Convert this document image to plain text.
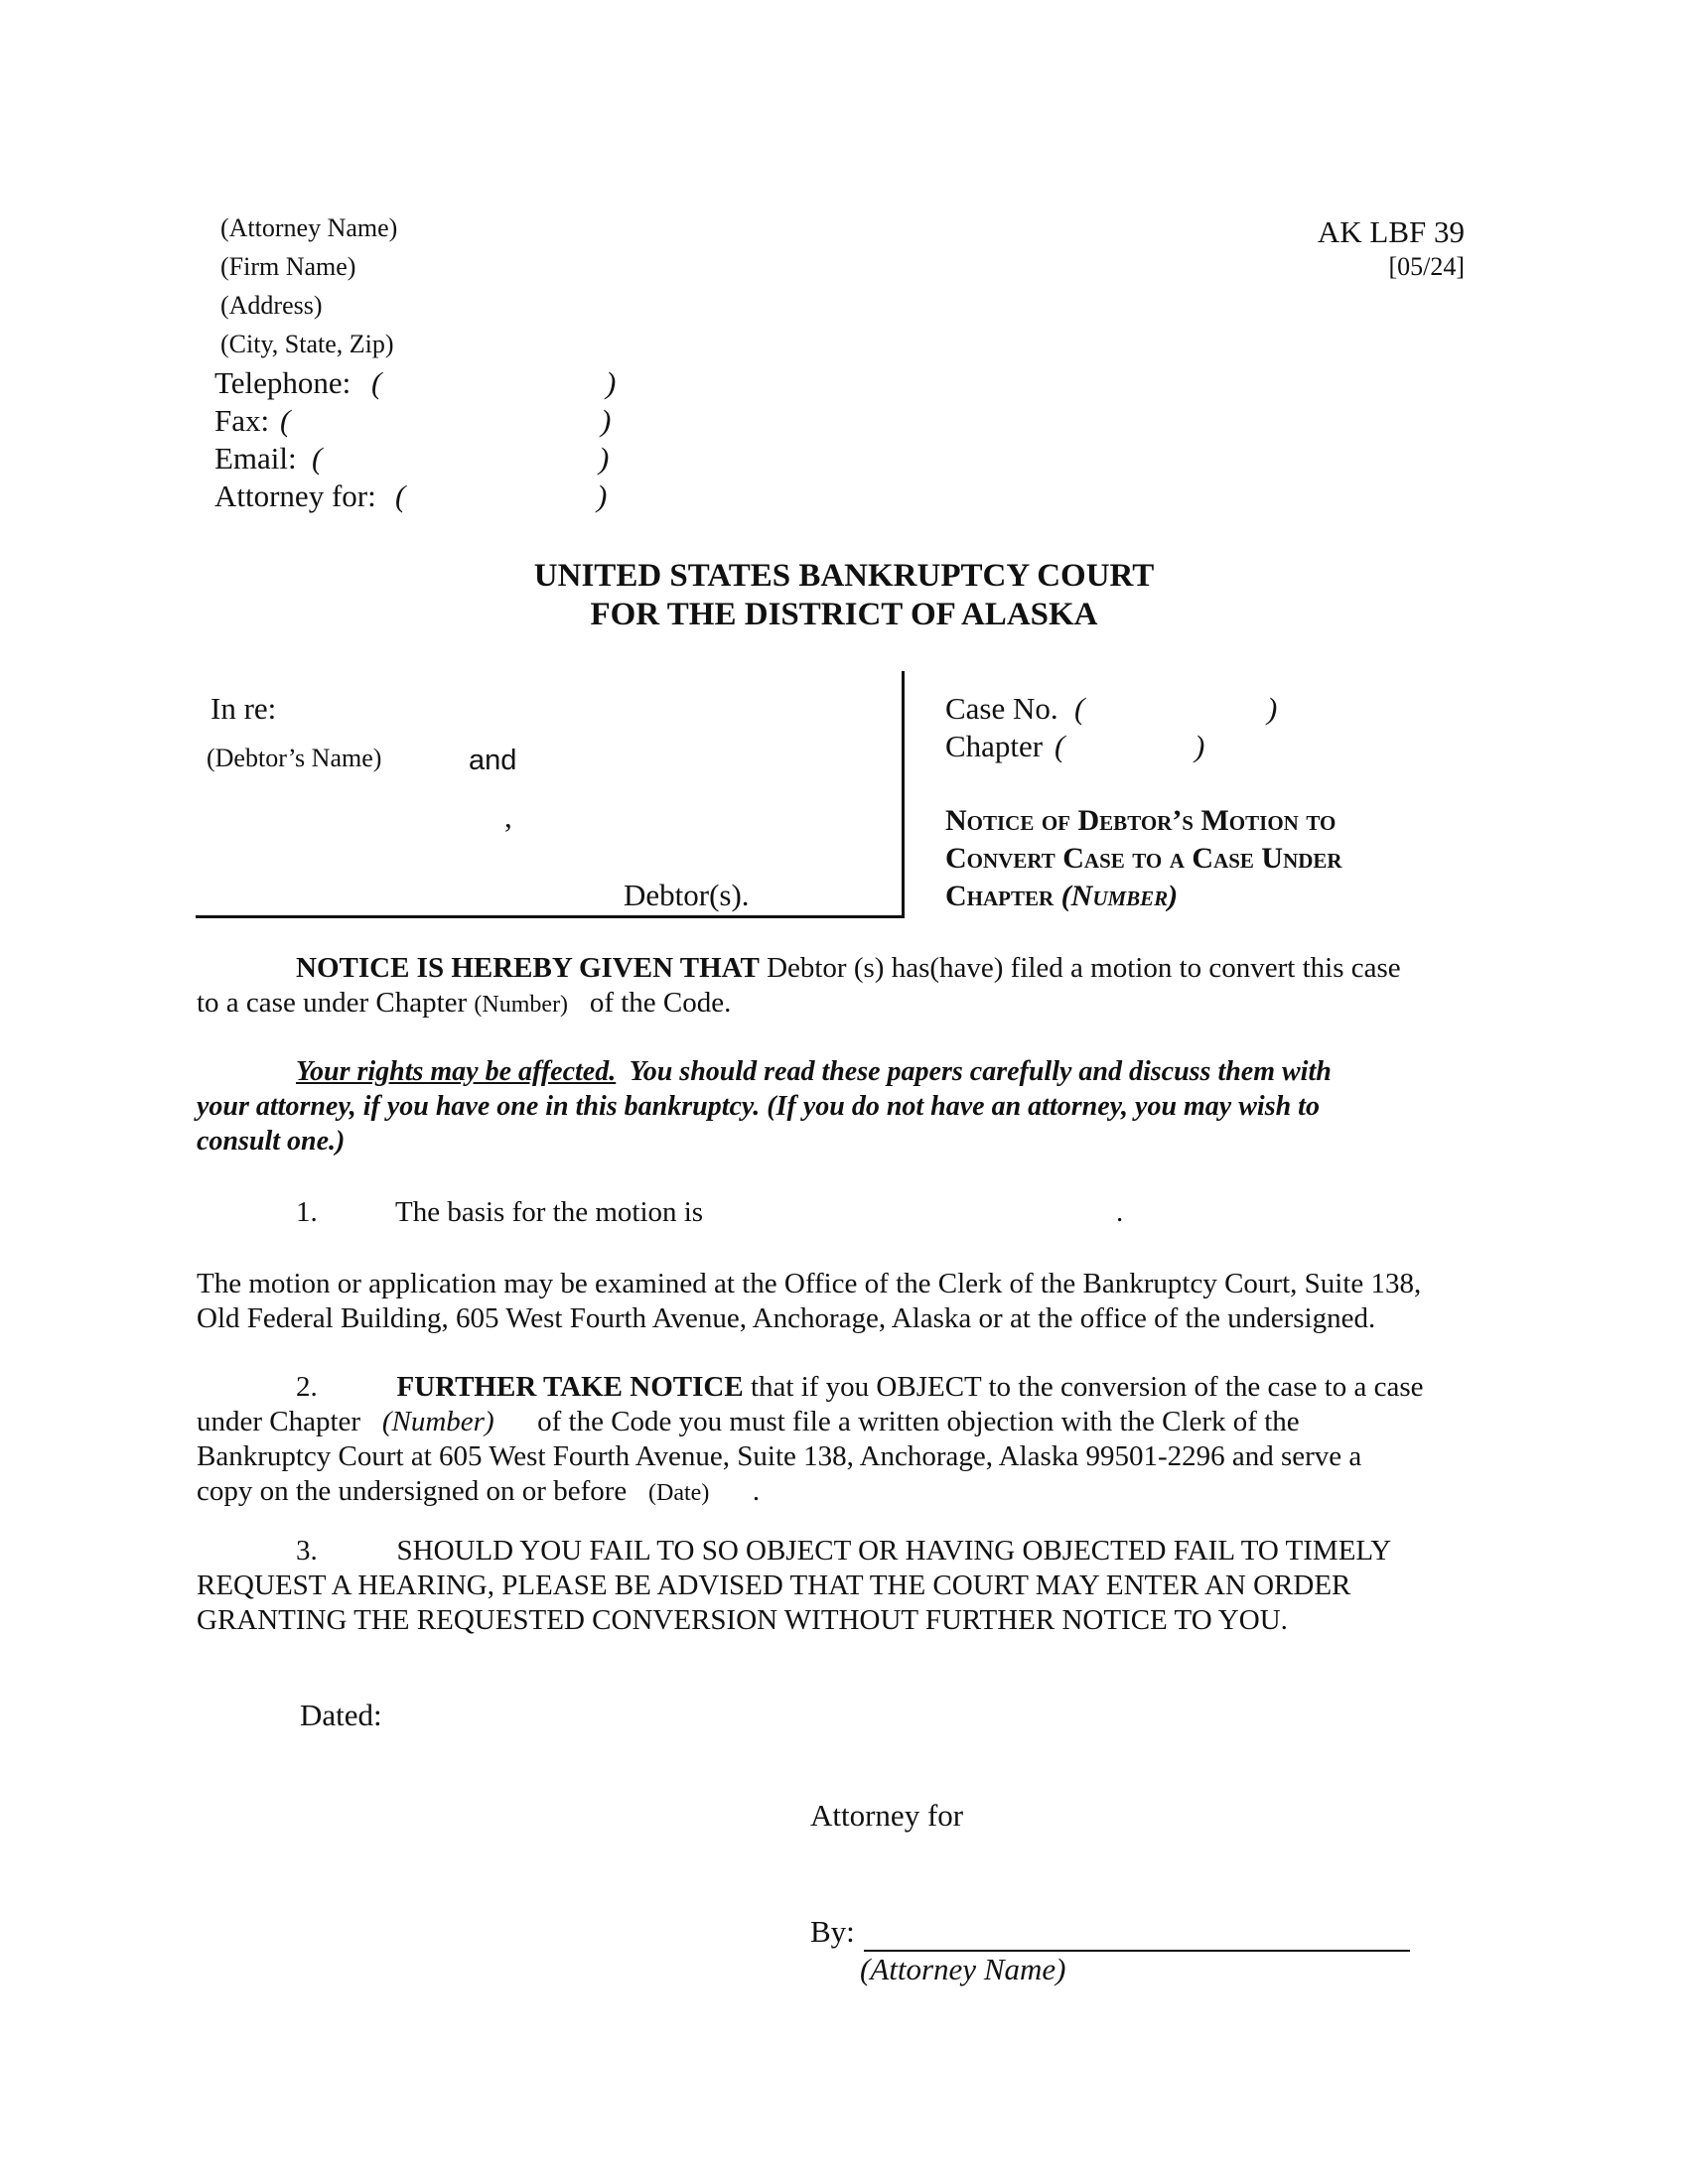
(Attorney Name)
(Firm Name)
(Address)
(City, State, Zip)
Telephone: (	)
Fax: (	)
Email: (	)
Attorney for: (	)
AK LBF 39
[05/24]
UNITED STATES BANKRUPTCY COURT
FOR THE DISTRICT OF ALASKA
In re:
(Debtor’s Name)	and
,
Debtor(s).
Case No. (	)
Chapter (	)
Notice of Debtor’s Motion to
Convert Case to a Case Under
Chapter (Number)
NOTICE IS HEREBY GIVEN THAT Debtor (s) has(have) filed a motion to convert this case
to a case under Chapter (Number) of the Code.
Your rights may be affected. You should read these papers carefully and discuss them with
your attorney, if you have one in this bankruptcy. (If you do not have an attorney, you may wish to
consult one.)
1.	The basis for the motion is	.
The motion or application may be examined at the Office of the Clerk of the Bankruptcy Court, Suite 138,
Old Federal Building, 605 West Fourth Avenue, Anchorage, Alaska or at the office of the undersigned.
2.	FURTHER TAKE NOTICE that if you OBJECT to the conversion of the case to a case
under Chapter (Number) of the Code you must file a written objection with the Clerk of the
Bankruptcy Court at 605 West Fourth Avenue, Suite 138, Anchorage, Alaska 99501-2296 and serve a
copy on the undersigned on or before (Date) .
3.	SHOULD YOU FAIL TO SO OBJECT OR HAVING OBJECTED FAIL TO TIMELY
REQUEST A HEARING, PLEASE BE ADVISED THAT THE COURT MAY ENTER AN ORDER
GRANTING THE REQUESTED CONVERSION WITHOUT FURTHER NOTICE TO YOU.
Dated:
Attorney for
By:
(Attorney Name)
